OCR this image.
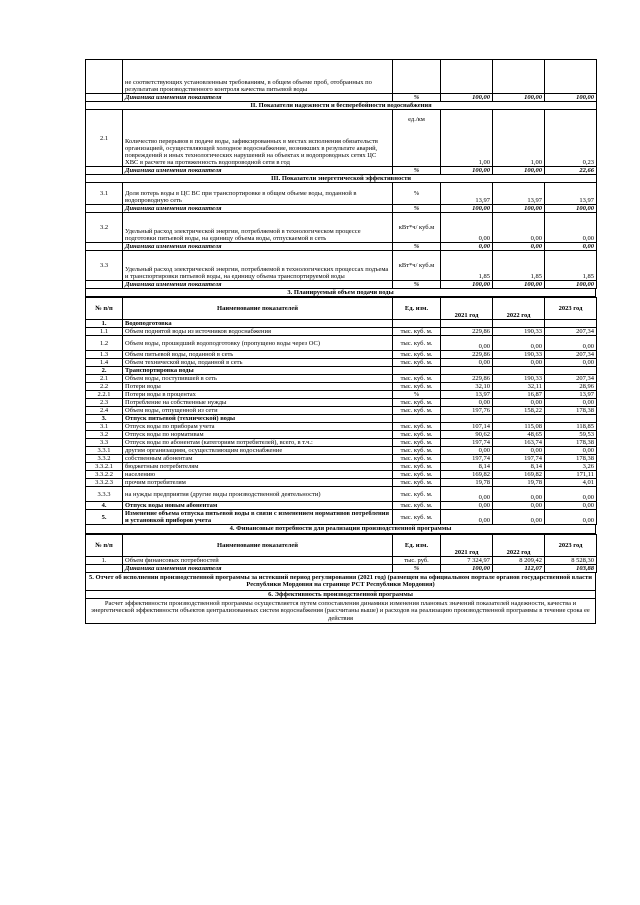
	не соответствующих установленным требованиям, в общем объеме проб, отобранных по результатам производственного контроля качества питьевой воды				
	Динамика изменения показателя	%	100,00	100,00	100,00
II. Показатели надежности и бесперебойности водоснабжения					
2.1	Количество перерывов в подаче воды, зафиксированных в местах исполнения обязательств организацией, осуществляющей холодное водоснабжение, возникших в результате аварий, повреждений и иных технологических нарушений на объектах и водопроводных сетях ЦС ХВС в расчете на протяженность водопроводной сети в год	ед./км	1,00	1,00	0,23
	Динамика изменения показателя	%	100,00	100,00	22,66
III. Показатели энергетической эффективности					
3.1	Доля потерь воды в ЦС ВС при транспортировке в общем объеме воды, поданной в водопроводную сеть	%	13,97	13,97	13,97
	Динамика изменения показателя	%	100,00	100,00	100,00
3.2	Удельный расход электрической энергии, потребляемой в технологическом процессе подготовки питьевой воды, на единицу объема воды, отпускаемой в сеть	кВт*ч/ куб.м	0,00	0,00	0,00
	Динамика изменения показателя	%	0,00	0,00	0,00
3.3	Удельный расход электрической энергии, потребляемой в технологических процессах подъема и транспортировки питьевой воды, на единицу объема транспортируемой воды	кВт*ч/ куб.м	1,85	1,85	1,85
	Динамика изменения показателя	%	100,00	100,00	100,00
3. Планируемый объем подачи воды
№ п/п	Наименование показателей	Ед. изм.	2021 год	2022 год	2023 год
1.	Водоподготовка				
1.1	Объем поднятой воды из источников водоснабжения	тыс. куб. м.	229,86	190,33	207,34
1.2	Объем воды, прошедший водоподготовку (пропущено воды через ОС)	тыс. куб. м.	0,00	0,00	0,00
1.3	Объем питьевой воды, поданной в сеть	тыс. куб. м.	229,86	190,33	207,34
1.4	Объем технической воды, поданной в сеть	тыс. куб. м.	0,00	0,00	0,00
2.	Транспортировка воды				
2.1	Объем воды, поступившей в сеть	тыс. куб. м.	229,86	190,33	207,34
2.2	Потери воды	тыс. куб. м.	32,10	32,11	28,96
2.2.1	Потери воды в процентах	%	13,97	16,87	13,97
2.3	Потребление на собственные нужды	тыс. куб. м.	0,00	0,00	0,00
2.4	Объем воды, отпущенной из сети	тыс. куб. м.	197,76	158,22	178,38
3.	Отпуск питьевой (технической) воды				
3.1	Отпуск воды по приборам учета	тыс. куб. м.	107,14	115,08	118,85
3.2	Отпуск воды по нормативам	тыс. куб. м.	90,62	48,65	59,53
3.3	Отпуск воды по абонентам (категориям потребителей), всего, в т.ч.:	тыс. куб. м.	197,74	163,74	178,38
3.3.1	другим организациям, осуществляющим водоснабжение	тыс. куб. м.	0,00	0,00	0,00
3.3.2	собственным абонентам	тыс. куб. м.	197,74	197,74	178,38
3.3.2.1	бюджетным потребителям	тыс. куб. м.	8,14	8,14	3,26
3.3.2.2	населению	тыс. куб. м.	169,82	169,82	171,11
3.3.2.3	прочим потребителям	тыс. куб. м.	19,78	19,78	4,01
3.3.3	на нужды предприятия (другие виды производственной деятельности)	тыс. куб. м.	0,00	0,00	0,00
4.	Отпуск воды новым абонентам	тыс. куб. м.	0,00	0,00	0,00
5.	Изменение объема отпуска питьевой воды в связи с изменением нормативов потребления и установкой приборов учета	тыс. куб. м.	0,00	0,00	0,00
4. Финансовые потребности для реализации производственной программы
№ п/п	Наименование показателей	Ед. изм.	2021 год	2022 год	2023 год
1.	Объем финансовых потребностей	тыс. руб.	7 324,97	8 209,42	8 528,30
	Динамика изменения показателя	%	100,00	112,07	103,88
5. Отчет об исполнении производственной программы за истекший период регулирования (2021 год) (размещен на официальном портале органов государственной власти Республики Мордовия на странице РСТ Республики Мордовия)
6. Эффективность производственной программы
Расчет эффективности производственной программы осуществляется путем сопоставления динамики изменения плановых значений показателей надежности, качества и энергетической эффективности объектов централизованных систем водоснабжения (рассчитаны выше) и расходов на реализацию производственной программы в течение срока ее действия
